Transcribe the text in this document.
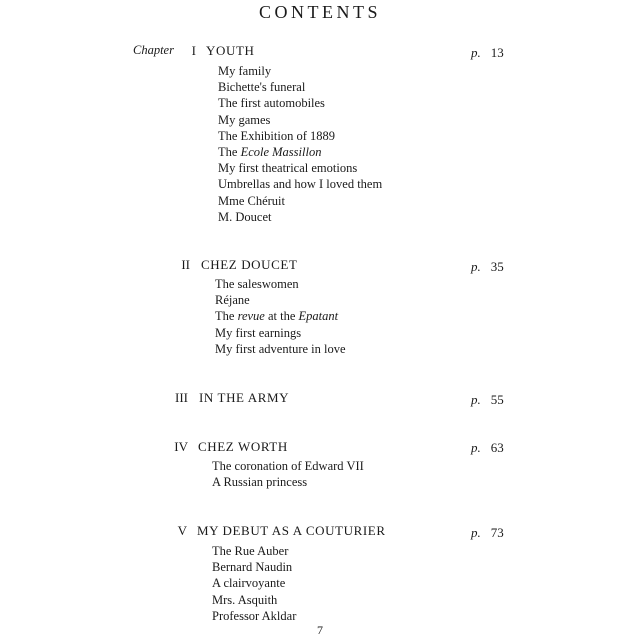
CONTENTS
Chapter	I YOUTH	p. 13
My family
Bichette's funeral
The first automobiles
My games
The Exhibition of 1889
The Ecole Massillon
My first theatrical emotions
Umbrellas and how I loved them
Mme Chéruit
M. Doucet
II CHEZ DOUCET	p. 35
The saleswomen
Réjane
The revue at the Epatant
My first earnings
My first adventure in love
III IN THE ARMY	p. 55
IV CHEZ WORTH	p. 63
The coronation of Edward VII
A Russian princess
V MY DEBUT AS A COUTURIER	p. 73
The Rue Auber
Bernard Naudin
A clairvoyante
Mrs. Asquith
Professor Akldar
7
